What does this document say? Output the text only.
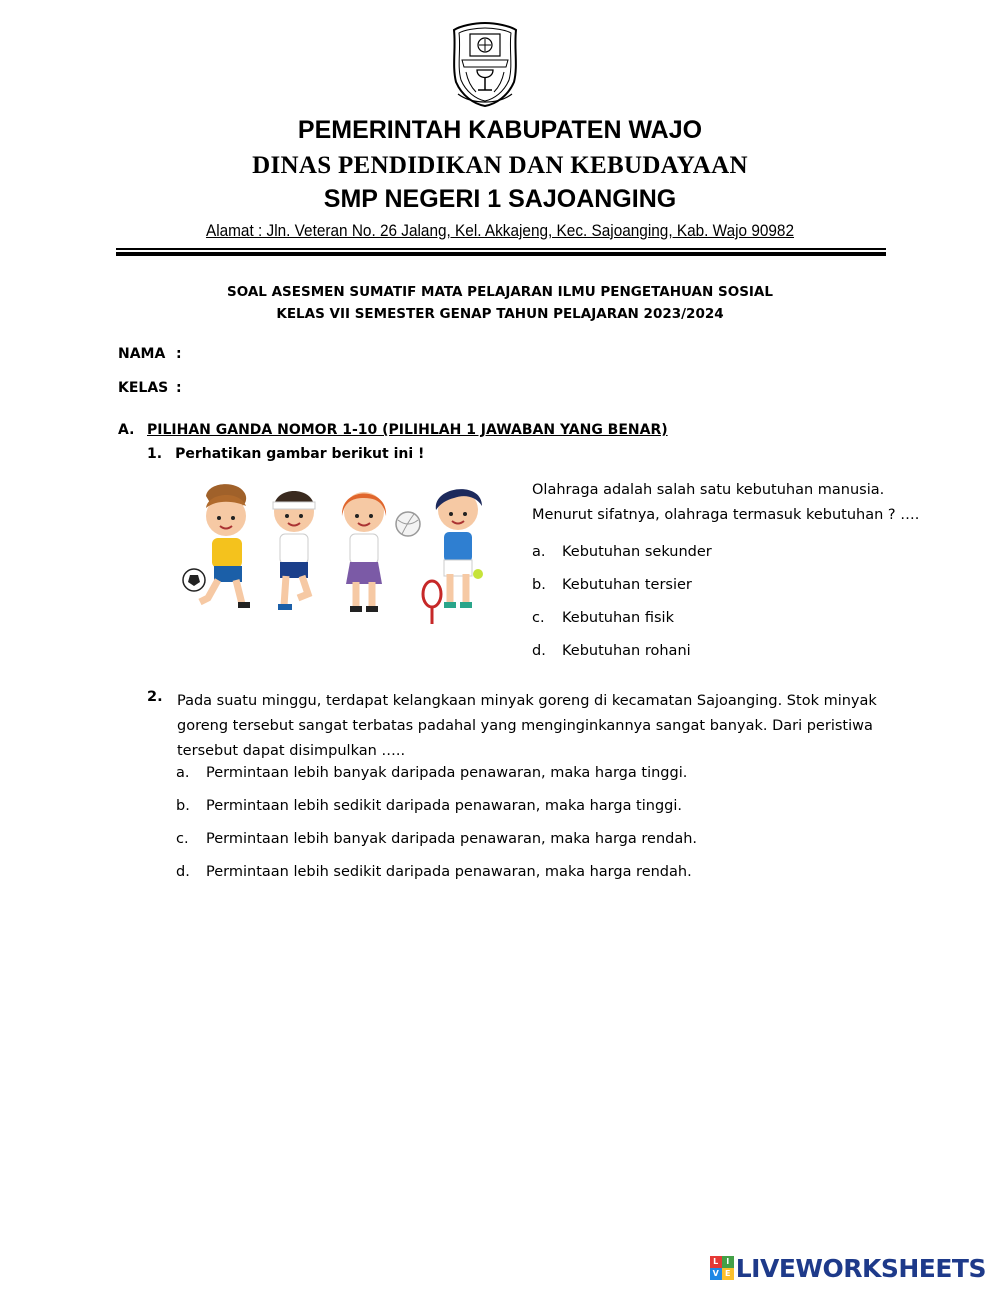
PEMERINTAH KABUPATEN WAJO
DINAS PENDIDIKAN DAN KEBUDAYAAN
SMP NEGERI 1 SAJOANGING
Alamat : Jln. Veteran No. 26 Jalang, Kel. Akkajeng, Kec. Sajoanging, Kab. Wajo 90982
SOAL ASESMEN SUMATIF MATA PELAJARAN ILMU PENGETAHUAN SOSIAL
KELAS VII SEMESTER GENAP TAHUN PELAJARAN 2023/2024
NAMA :
KELAS :
A. PILIHAN GANDA NOMOR 1-10 (PILIHLAH 1 JAWABAN YANG BENAR)
1. Perhatikan gambar berikut ini !
Olahraga adalah salah satu kebutuhan manusia.
Menurut sifatnya, olahraga termasuk kebutuhan ? ….
a. Kebutuhan sekunder
b. Kebutuhan tersier
c. Kebutuhan fisik
d. Kebutuhan rohani
2. Pada suatu minggu, terdapat kelangkaan minyak goreng di kecamatan Sajoanging. Stok minyak goreng tersebut sangat terbatas padahal yang menginginkannya sangat banyak. Dari peristiwa tersebut dapat disimpulkan …..
a. Permintaan lebih banyak daripada penawaran, maka harga tinggi.
b. Permintaan lebih sedikit daripada penawaran, maka harga tinggi.
c. Permintaan lebih banyak daripada penawaran, maka harga rendah.
d. Permintaan lebih sedikit daripada penawaran, maka harga rendah.
L I
V E LIVEWORKSHEETS
